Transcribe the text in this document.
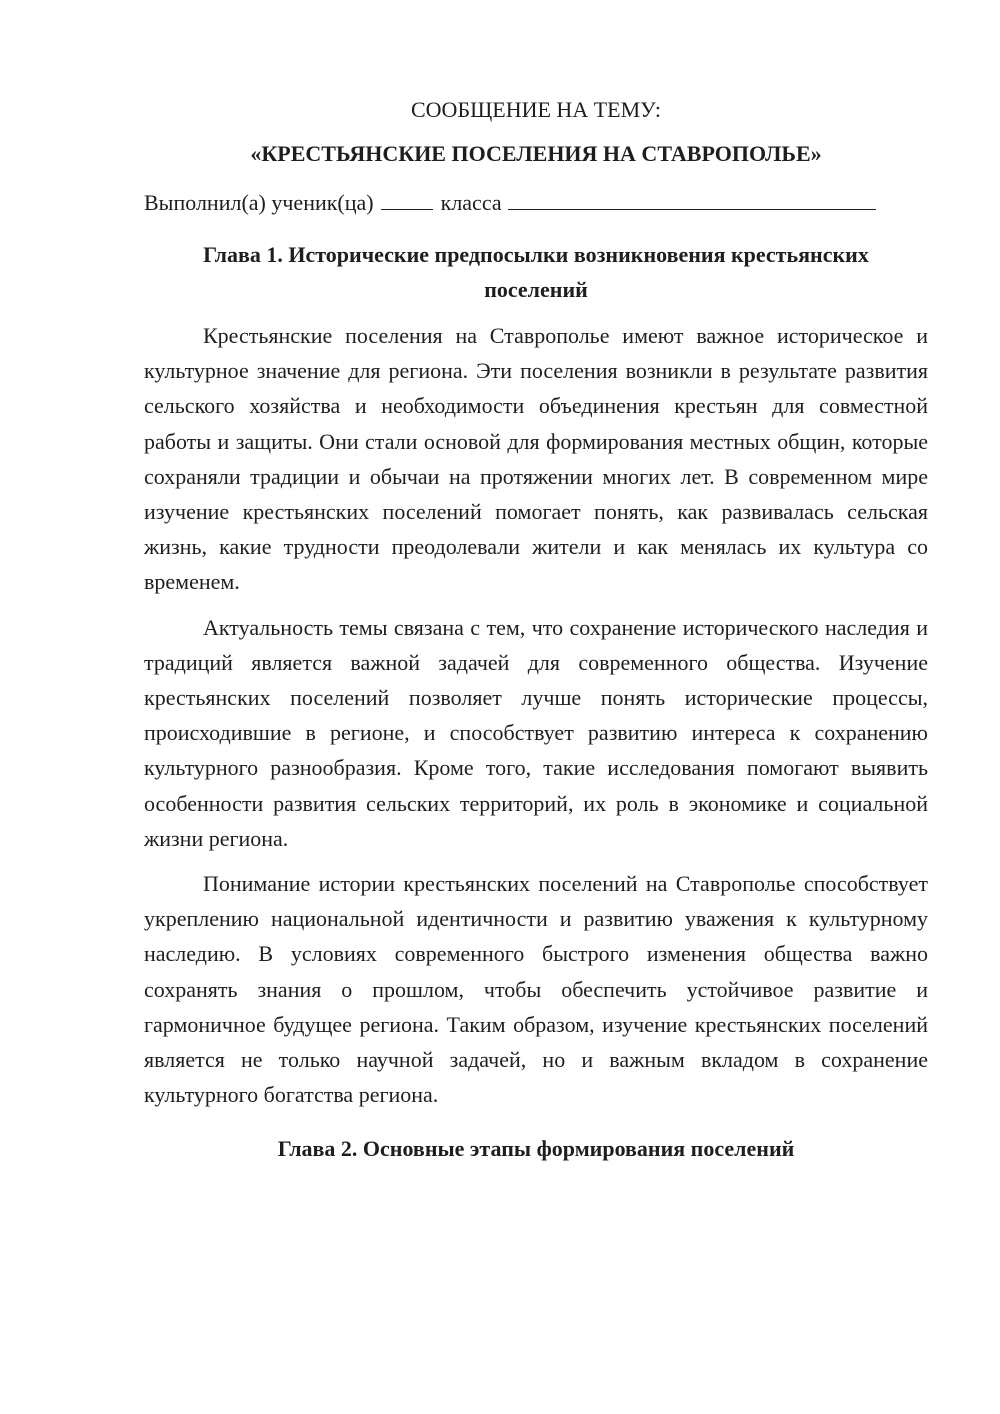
СООБЩЕНИЕ НА ТЕМУ:

«КРЕСТЬЯНСКИЕ ПОСЕЛЕНИЯ НА СТАВРОПОЛЬЕ»

Выполнил(а) ученик(ца)	класса

Глава 1. Исторические предпосылки возникновения крестьянских поселений

Крестьянские поселения на Ставрополье имеют важное историческое и культурное значение для региона. Эти поселения возникли в результате развития сельского хозяйства и необходимости объединения крестьян для совместной работы и защиты. Они стали основой для формирования местных общин, которые сохраняли традиции и обычаи на протяжении многих лет. В современном мире изучение крестьянских поселений помогает понять, как развивалась сельская жизнь, какие трудности преодолевали жители и как менялась их культура со временем.

Актуальность темы связана с тем, что сохранение исторического наследия и традиций является важной задачей для современного общества. Изучение крестьянских поселений позволяет лучше понять исторические процессы, происходившие в регионе, и способствует развитию интереса к сохранению культурного разнообразия. Кроме того, такие исследования помогают выявить особенности развития сельских территорий, их роль в экономике и социальной жизни региона.

Понимание истории крестьянских поселений на Ставрополье способствует укреплению национальной идентичности и развитию уважения к культурному наследию. В условиях современного быстрого изменения общества важно сохранять знания о прошлом, чтобы обеспечить устойчивое развитие и гармоничное будущее региона. Таким образом, изучение крестьянских поселений является не только научной задачей, но и важным вкладом в сохранение культурного богатства региона.

Глава 2. Основные этапы формирования поселений
